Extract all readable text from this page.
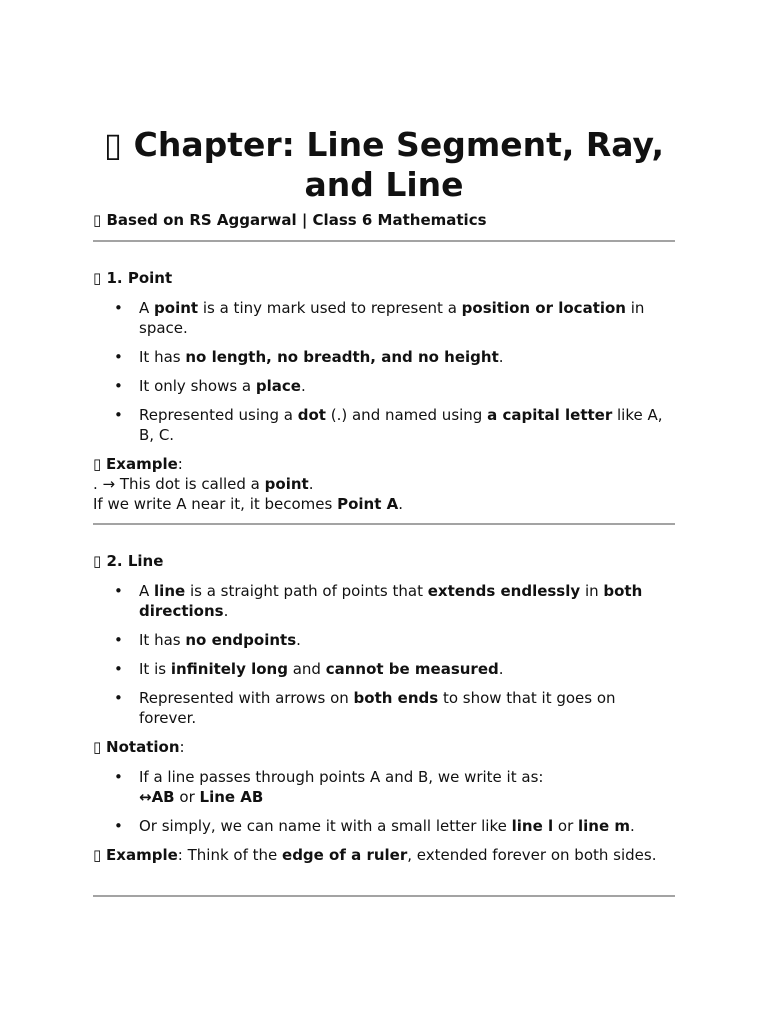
▯ Chapter: Line Segment, Ray, and Line
▯ Based on RS Aggarwal | Class 6 Mathematics
▯ 1. Point
• A point is a tiny mark used to represent a position or location in space.
• It has no length, no breadth, and no height.
• It only shows a place.
• Represented using a dot (.) and named using a capital letter like A, B, C.

▯ Example:

. → This dot is called a point.

If we write A near it, it becomes Point A.

▯ 2. Line
• A line is a straight path of points that extends endlessly in both directions.
• It has no endpoints.
• It is infinitely long and cannot be measured.
• Represented with arrows on both ends to show that it goes on forever.

▯ Notation:

• If a line passes through points A and B, we write it as:
↔AB or Line AB
• Or simply, we can name it with a small letter like line l or line m.

▯ Example: Think of the edge of a ruler, extended forever on both sides.
